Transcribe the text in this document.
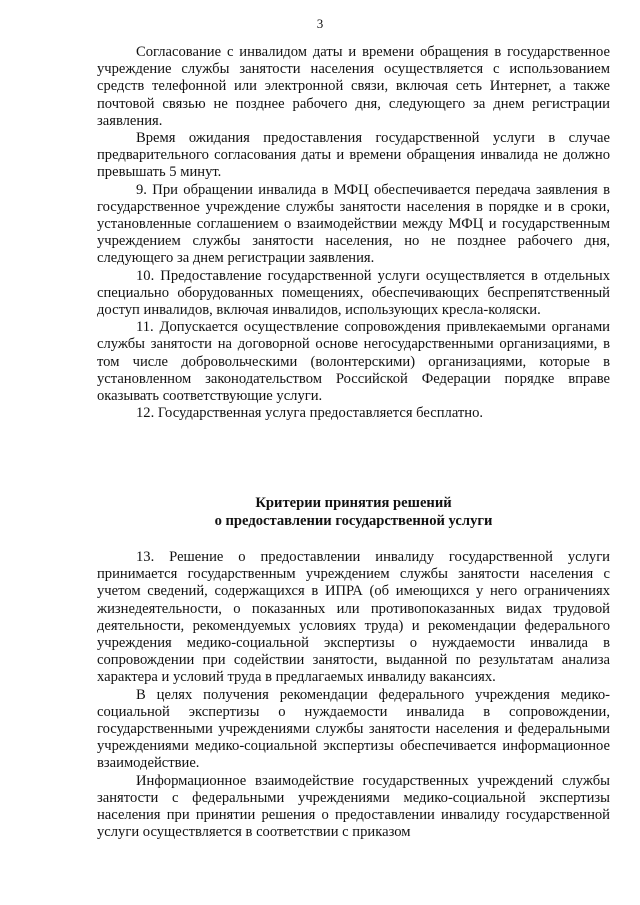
3

Согласование с инвалидом даты и времени обращения в государственное учреждение службы занятости населения осуществляется с использованием средств телефонной или электронной связи, включая сеть Интернет, а также почтовой связью не позднее рабочего дня, следующего за днем регистрации заявления.

Время ожидания предоставления государственной услуги в случае предварительного согласования даты и времени обращения инвалида не должно превышать 5 минут.

9. При обращении инвалида в МФЦ обеспечивается передача заявления в государственное учреждение службы занятости населения в порядке и в сроки, установленные соглашением о взаимодействии между МФЦ и государственным учреждением службы занятости населения, но не позднее рабочего дня, следующего за днем регистрации заявления.

10. Предоставление государственной услуги осуществляется в отдельных специально оборудованных помещениях, обеспечивающих беспрепятственный доступ инвалидов, включая инвалидов, использующих кресла-коляски.

11. Допускается осуществление сопровождения привлекаемыми органами службы занятости на договорной основе негосударственными организациями, в том числе добровольческими (волонтерскими) организациями, которые в установленном законодательством Российской Федерации порядке вправе оказывать соответствующие услуги.

12. Государственная услуга предоставляется бесплатно.

Критерии принятия решений
о предоставлении государственной услуги

13. Решение о предоставлении инвалиду государственной услуги принимается государственным учреждением службы занятости населения с учетом сведений, содержащихся в ИПРА (об имеющихся у него ограничениях жизнедеятельности, о показанных или противопоказанных видах трудовой деятельности, рекомендуемых условиях труда) и рекомендации федерального учреждения медико-социальной экспертизы о нуждаемости инвалида в сопровождении при содействии занятости, выданной по результатам анализа характера и условий труда в предлагаемых инвалиду вакансиях.

В целях получения рекомендации федерального учреждения медико-социальной экспертизы о нуждаемости инвалида в сопровождении, государственными учреждениями службы занятости населения и федеральными учреждениями медико-социальной экспертизы обеспечивается информационное взаимодействие.

Информационное взаимодействие государственных учреждений службы занятости с федеральными учреждениями медико-социальной экспертизы населения при принятии решения о предоставлении инвалиду государственной услуги осуществляется в соответствии с приказом
